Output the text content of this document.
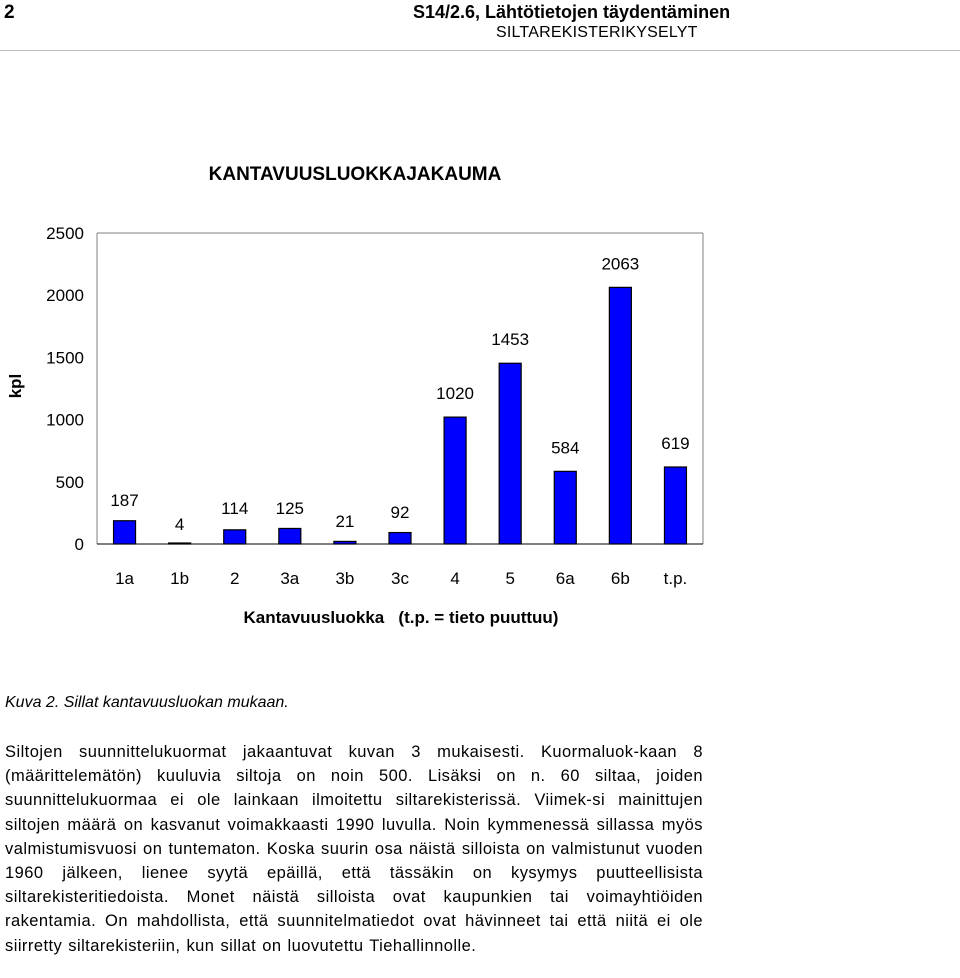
2	S14/2.6, Lähtötietojen täydentäminen
SILTAREKISTERIKYSELYT
KANTAVUUSLUOKKAJAKAUMA
kpl
Kantavuusluokka   (t.p. = tieto puuttuu)
0
500
1000
1500
2000
2500
187
4
114 125
21 92
1020
1453
584
2063
619
1a 1b 2 3a 3b 3c 4	5 6a 6b t.p.
Kuva 2. Sillat kantavuusluokan mukaan.
Siltojen suunnittelukuormat jakaantuvat kuvan 3 mukaisesti. Kuormaluok-kaan 8 (määrittelemätön) kuuluvia siltoja on noin 500. Lisäksi on n. 60 siltaa, joiden suunnittelukuormaa ei ole lainkaan ilmoitettu siltarekisterissä. Viimek-si mainittujen siltojen määrä on kasvanut voimakkaasti 1990 luvulla. Noin kymmenessä sillassa myös valmistumisvuosi on tuntematon. Koska suurin osa näistä silloista on valmistunut vuoden 1960 jälkeen, lienee syytä epäillä, että tässäkin on kysymys puutteellisista siltarekisteritiedoista. Monet näistä silloista ovat kaupunkien tai voimayhtiöiden rakentamia. On mahdollista, että suunnitelmatiedot ovat hävinneet tai että niitä ei ole siirretty siltarekisteriin, kun sillat on luovutettu Tiehallinnolle.
